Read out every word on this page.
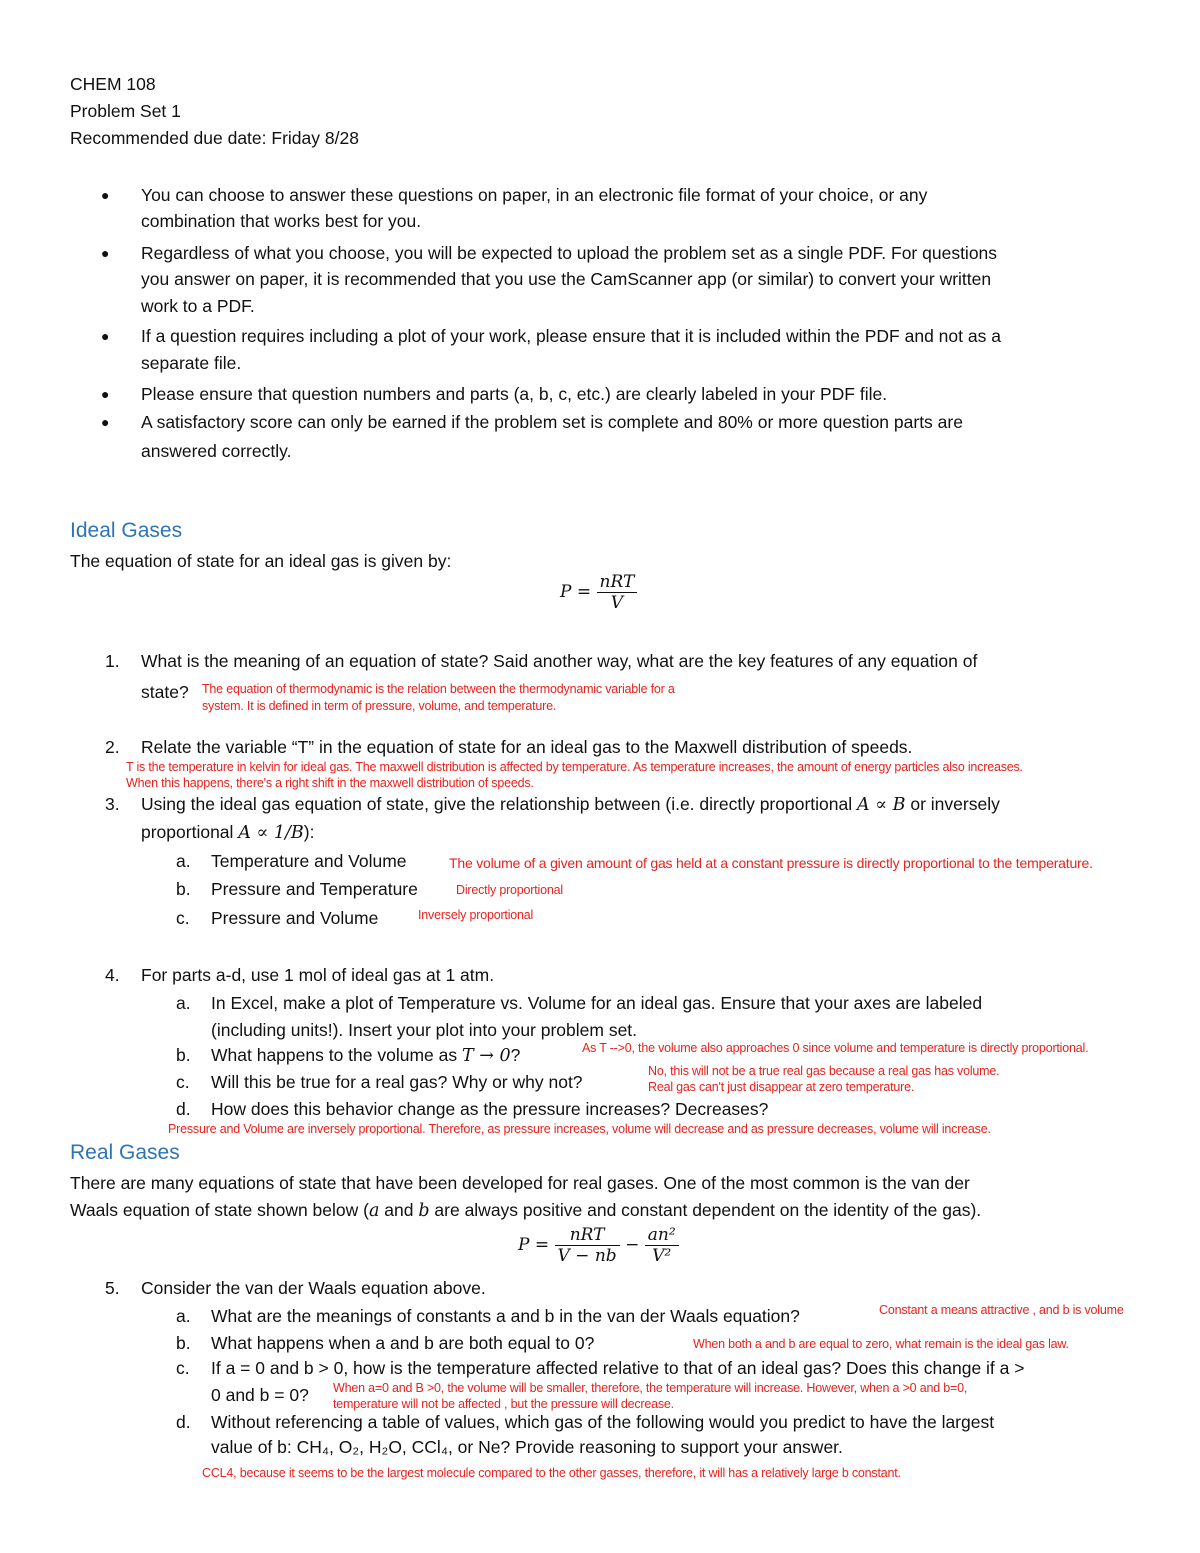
CHEM 108
Problem Set 1
Recommended due date: Friday 8/28
● You can choose to answer these questions on paper, in an electronic file format of your choice, or any
combination that works best for you.
● Regardless of what you choose, you will be expected to upload the problem set as a single PDF. For questions
you answer on paper, it is recommended that you use the CamScanner app (or similar) to convert your written
work to a PDF.
● If a question requires including a plot of your work, please ensure that it is included within the PDF and not as a
separate file.
● Please ensure that question numbers and parts (a, b, c, etc.) are clearly labeled in your PDF file.
● A satisfactory score can only be earned if the problem set is complete and 80% or more question parts are
answered correctly.
Ideal Gases
The equation of state for an ideal gas is given by:
$P = \frac{\text{nRT}}{V}$
1. What is the meaning of an equation of state? Said another way, what are the key features of any equation of
state? The equation of thermodynamic is the relation between the thermodynamic variable for a
system. It is defined in term of pressure, volume, and temperature.
2. Relate the variable “T” in the equation of state for an ideal gas to the Maxwell distribution of speeds.
T is the temperature in kelvin for ideal gas. The maxwell distribution is affected by temperature. As temperature increases, the amount of energy particles also increases.
When this happens, there's a right shift in the maxwell distribution of speeds.
3. Using the ideal gas equation of state, give the relationship between (i.e. directly proportional A ∝ B or inversely
proportional A ∝ 1/B):
a. Temperature and Volume	The volume of a given amount of gas held at a constant pressure is directly proportional to the temperature.
b. Pressure and Temperature	Directly proportional
c. Pressure and Volume	Inversely proportional
4. For parts a-d, use 1 mol of ideal gas at 1 atm.
a. In Excel, make a plot of Temperature vs. Volume for an ideal gas. Ensure that your axes are labeled
(including units!). Insert your plot into your problem set.
b. What happens to the volume as T → 0?	As T -->0, the volume also approaches 0 since volume and temperature is directly proportional.
c. Will this be true for a real gas? Why or why not?
No, this will not be a true real gas because a real gas has volume.
Real gas can't just disappear at zero temperature.
d. How does this behavior change as the pressure increases? Decreases?
Pressure and Volume are inversely proportional. Therefore, as pressure increases, volume will decrease and as pressure decreases, volume will increase.
Real Gases
There are many equations of state that have been developed for real gases. One of the most common is the van der
Waals equation of state shown below (a and b are always positive and constant dependent on the identity of the gas).
$P = \frac{\text{nRT}}{V - nb} - \frac{\text{an²}}{\text{V²}}$
5. Consider the van der Waals equation above.
a. What are the meanings of constants a and b in the van der Waals equation?	Constant a means attractive , and b is volume
b. What happens when a and b are both equal to 0?	When both a and b are equal to zero, what remain is the ideal gas law.
c. If a = 0 and b > 0, how is the temperature affected relative to that of an ideal gas? Does this change if a >
0 and b = 0? When a=0 and B >0, the volume will be smaller, therefore, the temperature will increase. However, when a >0 and b=0,
temperature will not be affected , but the pressure will decrease.
d. Without referencing a table of values, which gas of the following would you predict to have the largest
value of b: CH₄, O₂, H₂O, CCl₄, or Ne? Provide reasoning to support your answer.
CCL4, because it seems to be the largest molecule compared to the other gasses, therefore, it will has a relatively large b constant.
